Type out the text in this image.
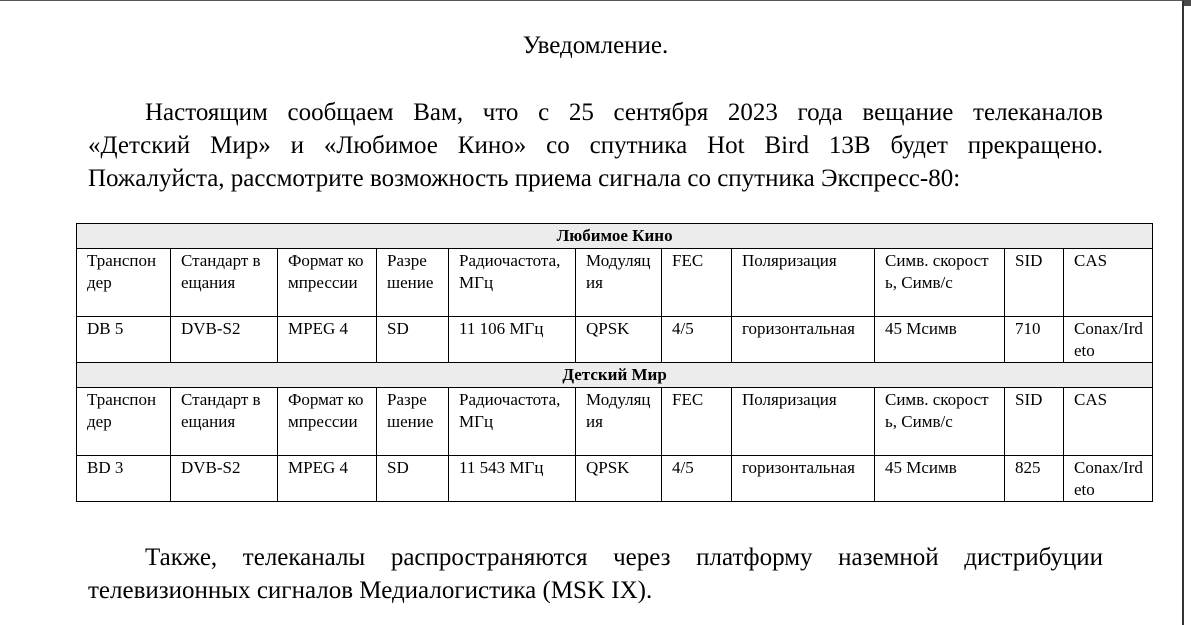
Уведомление.
Настоящим сообщаем Вам, что с 25 сентября 2023 года вещание телеканалов
«Детский Мир» и «Любимое Кино» со спутника Hot Bird 13B будет прекращено.
Пожалуйста, рассмотрите возможность приема сигнала со спутника Экспресс-80:
Любимое Кино										
Транспондер	Стандарт вещания	Формат компрессии	Разрешение	Радиочастота, МГц	Модуляция	FEC	Поляризация	Симв. скорость, Симв/с	SID	CAS
DB 5	DVB-S2	MPEG 4	SD	11 106 МГц	QPSK	4/5	горизонтальная	45 Мсимв	710	Conax/Irdeto
Детский Мир										
Транспондер	Стандарт вещания	Формат компрессии	Разрешение	Радиочастота, МГц	Модуляция	FEC	Поляризация	Симв. скорость, Симв/с	SID	CAS
BD 3	DVB-S2	MPEG 4	SD	11 543 МГц	QPSK	4/5	горизонтальная	45 Мсимв	825	Conax/Irdeto
Также, телеканалы распространяются через платформу наземной дистрибуции
телевизионных сигналов Медиалогистика (MSK IX).
